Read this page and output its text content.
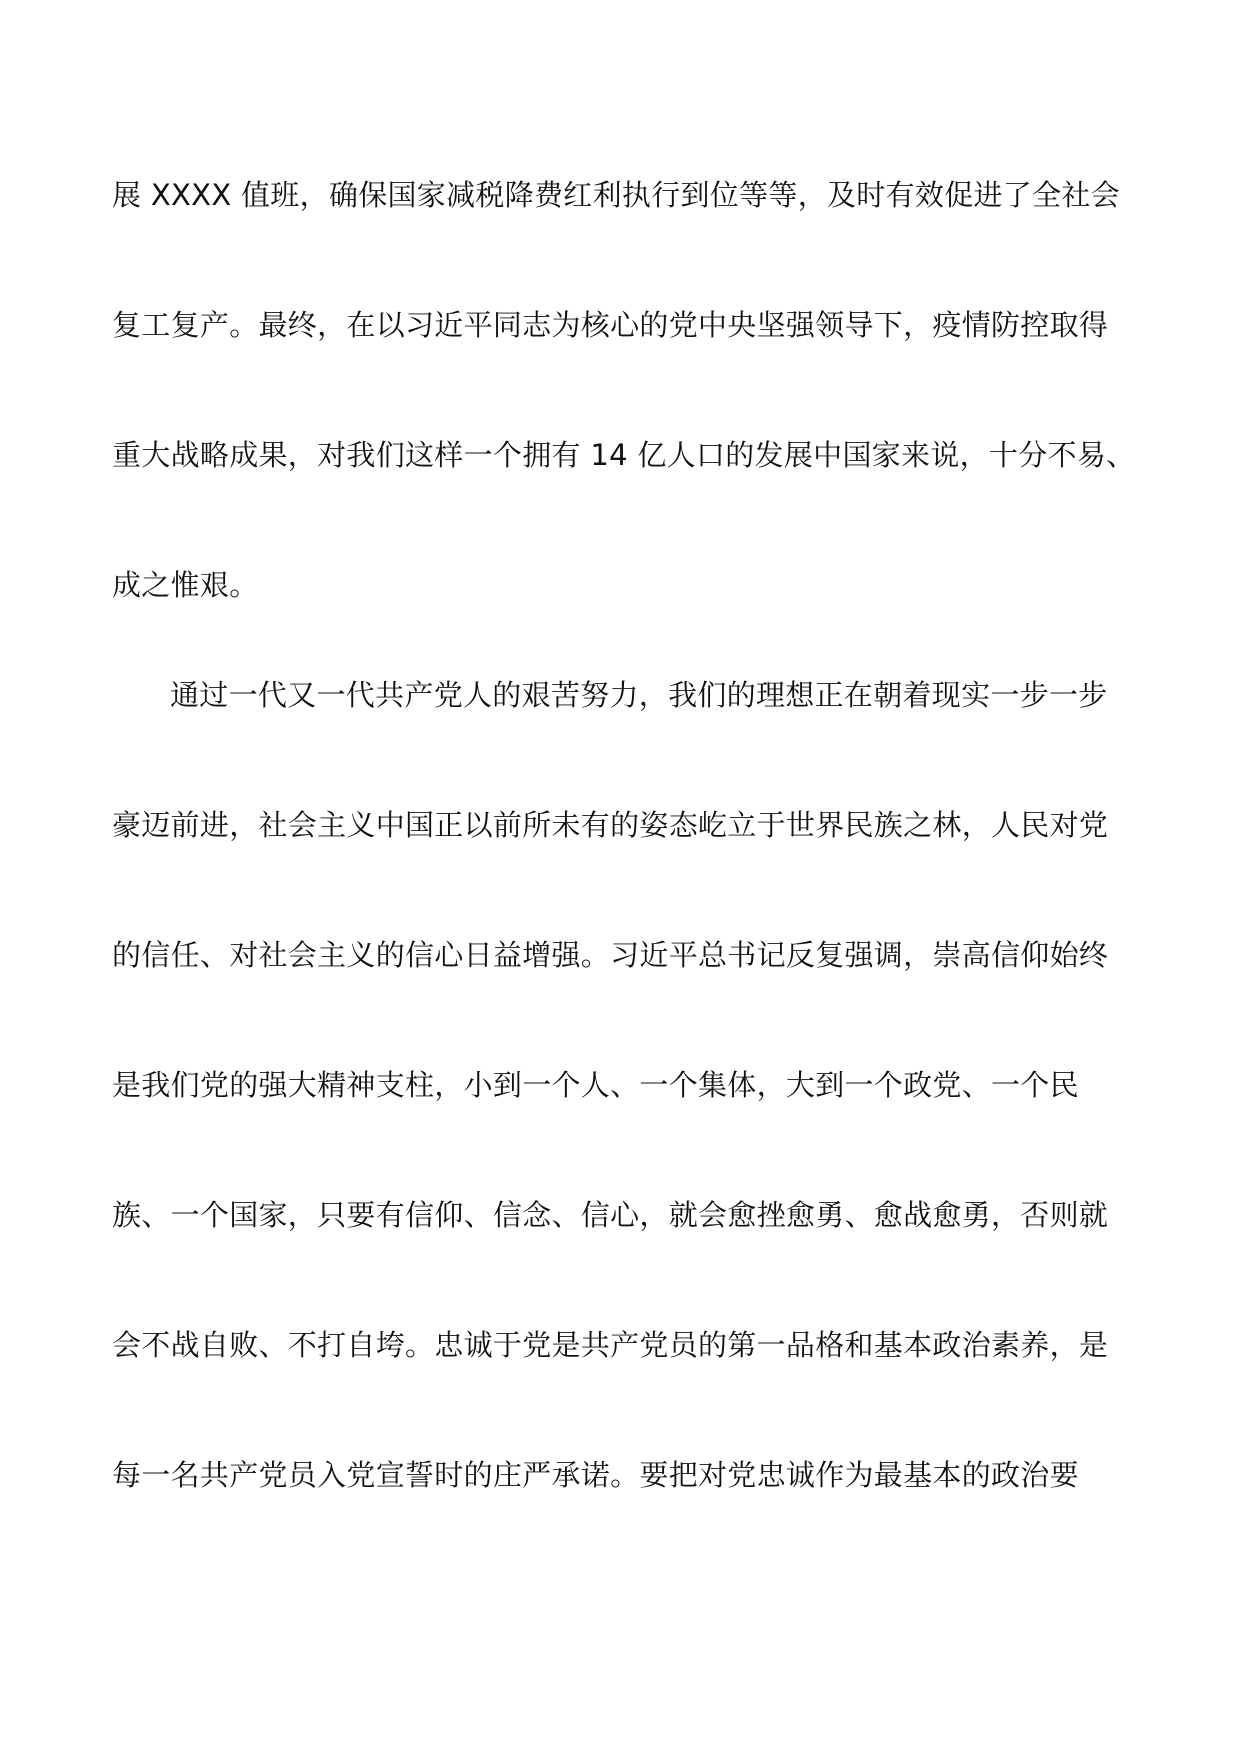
展 XXXX 值班，确保国家减税降费红利执行到位等等，及时有效促进了全社会
复工复产。最终，在以习近平同志为核心的党中央坚强领导下，疫情防控取得
重大战略成果，对我们这样一个拥有 14 亿人口的发展中国家来说，十分不易、
成之惟艰。
通过一代又一代共产党人的艰苦努力，我们的理想正在朝着现实一步一步
豪迈前进，社会主义中国正以前所未有的姿态屹立于世界民族之林，人民对党
的信任、对社会主义的信心日益增强。习近平总书记反复强调，崇高信仰始终
是我们党的强大精神支柱，小到一个人、一个集体，大到一个政党、一个民
族、一个国家，只要有信仰、信念、信心，就会愈挫愈勇、愈战愈勇，否则就
会不战自败、不打自垮。忠诚于党是共产党员的第一品格和基本政治素养，是
每一名共产党员入党宣誓时的庄严承诺。要把对党忠诚作为最基本的政治要
